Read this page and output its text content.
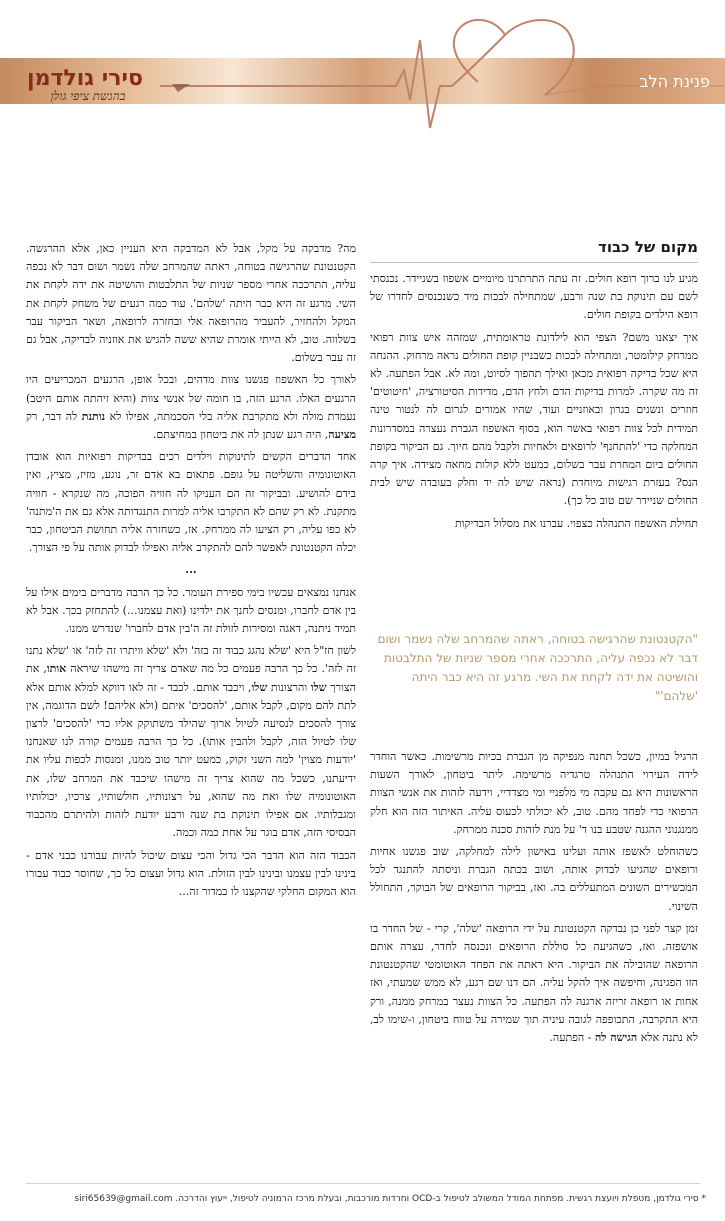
סירי גולדמן
בהגשת ציפי גולן
פנינת הלב
מקום של כבוד

מגיע לנו ברוך רופא חולים. זה עתה התרתרנו מיומיים אשפוז בשניידר. נכנסתי לשם עם תינוקת בת שנה ורבע, שמתחילה לבכות מיד כשנכנסים לחדרו של רופא הילדים בקופת חולים.

איך יצאנו משם? הצפי הוא לילדונת טראומתית, שמזהה איש צוות רפואי ממרחק קילומטר, ומתחילה לבכות כשבניין קופת החולים נראה מרחוק. ההנחה היא שכל בדיקה רפואית מכאן ואילך תהפוך לסיוט, ומה לא. אבל הפתעה. לא זה מה שקרה. למרות בדיקות הדם ולחץ הדם, מדידות הסיטורציה, 'חיטוטים' חוזרים ונשנים בגרון ובאוזניים ועוד, שהיו אמורים לגרום לה לנטור טינה תמידית לכל צוות רפואי באשר הוא, בסוף האשפוז הגברת נעצרה במסדרונות המחלקה כדי 'להתחנף' לרופאים ולאחיות ולקבל מהם חיוך. גם הביקור בקופת החולים ביום המחרת עבר בשלום, כמעט ללא קולות מחאה מצידה. איך קרה הנס? בעזרת רגישות מיוחדת (נראה שיש לה יד וחלק בעובדה שיש לבית החולים שניידר שם טוב כל כך).

תחילת האשפוז התנהלה כצפוי. עברנו את מסלול הבדיקות

"הקטנטונת שהרגישה בטוחה, ראתה שהמרחב שלה נשמר ושום דבר לא נכפה עליה, התרככה אחרי מספר שניות של התלבטות והושיטה את ידה לקחת את השי. מרגע זה היא כבר היתה 'שלהם'"

הרגיל במיון, כשכל תחנה מנפיקה מן הגברת בכיות מרשימות. כאשר הוחדר לידה העירוי התנהלה טרגדיה מרשימה. ליתר ביטחון, לאורך השעות הראשונות היא גם עקבה מי מלפניי ומי מצדדיי, וידעה לזהות את אנשי הצוות הרפואי כדי לפחד מהם. טוב, לא יכולתי לכעוס עליה. האיתור הזה הוא חלק ממנגנוני ההגנה שטבע בנו ד' על מנת לזהות סכנה ממרחק.

כשהוחלט לאשפז אותה ועלינו באישון לילה למחלקה, שוב פגשנו אחיות ורופאים שהגיעו לבדוק אותה, ושוב בכתה הגברת וניסתה להתנגד לכל המכשירים השונים המתעללים בה. ואז, בביקור הרופאים של הבוקר, התחולל השינוי.

זמן קצר לפני כן נבדקה הקטנטונת על ידי הרופאה 'שלה', קרי - של החדר בו אושפזה. ואז, כשהגיעה כל סוללת הרופאים ונכנסה לחדר, עצרה אותם הרופאה שהובילה את הביקור. היא ראתה את הפחד האוטומטי שהקטנטונת הזו הפגינה, וחיפשה איך להקל עליה. הם דנו שם רגע, לא ממש שמעתי, ואז אחות או רופאה זריזה ארגנה לה הפתעה. כל הצוות נעצר במרחק ממנה, ורק היא התקרבה, התכופפה לגובה עיניה תוך שמירה על טווח ביטחון, ו-שימו לב, לא נתנה אלא הגישה לה - הפתעה.

מה? מדבקה על מקל, אבל לא המדבקה היא העניין כאן, אלא ההרגשה. הקטנטונת שהרגישה בטוחה, ראתה שהמרחב שלה נשמר ושום דבר לא נכפה עליה, התרככה אחרי מספר שניות של התלבטות והושיטה את ידה לקחת את השי. מרגע זה היא כבר היתה 'שלהם'. עוד כמה רגעים של משחק לקחת את המקל ולהחזיר, להעביר מהרופאה אלי ובחזרה לרופאה, ושאר הביקור עבר בשלווה. טוב, לא הייתי אומרת שהיא ששה להגיש את אוזניה לבדיקה, אבל גם זה עבר בשלום.

לאורך כל האשפוז פגשנו צוות מדהים, ובכל אופן, הרגעים המכריעים היו הרגעים האלו. הרגע הזה, בו חומה של אנשי צוות (והיא זיהתה אותם היטב) נעמדת מולה ולא מתקרבת אליה בלי הסכמתה, אפילו לא נותנת לה דבר, רק מציעה, היה רגע שנתן לה את ביטחון במחיצתם.

אחד הדברים הקשים לתינוקות וילדים רכים בבדיקות רפואיות הוא אובדן האוטונומיה והשליטה על גופם. פתאום בא אדם זר, נוגע, מזיז, מציץ, ואין בידם להושיע. ובביקור זה הם העניקו לה חוויה הפוכה, מה שנקרא - חוויה מתקנת. לא רק שהם לא התקרבו אליה למרות התנגדותה אלא גם את ה'מתנה' לא כפו עליה, רק הציעו לה ממרחק. אז, כשחזרה אליה תחושת הביטחון, כבר יכלה הקטנטונת לאפשר להם להתקרב אליה ואפילו לבדוק אותה על פי הצורך.

...

אנחנו נמצאים עכשיו בימי ספירת העומר. כל כך הרבה מדברים בימים אילו על בין אדם לחברו, ומנסים לחנך את ילדינו (ואת עצמנו...) להתחזק בכך. אבל לא תמיד ניתנה, דאגה ומסירות לזולת זה ה'בין אדם לחברו' שנדרש ממנו.

לשון חז"ל היא 'שלא נהגג כבוד זה בזה' ולא 'שלא וויתרו זה לזה' או 'שלא נתנו זה לזה'. כל כך הרבה פעמים כל מה שאדם צריך זה מישהו שיראה אותו, את הצורך שלו והרצונות שלו, ויכבד אותם. לכבד - זה לאו דווקא למלא אותם אלא לתת להם מקום, לקבל אותם, 'להסכים' איתם (ולא אליהם! לשם הדוגמה, אין צורך להסכים לנסיעה לטיול ארוך שהילד משתוקק אליו כדי 'להסכים' לרצון שלו לטיול הזה, לקבל ולהבין אותו). כל כך הרבה פעמים קורה לנו שאנחנו 'יודעות מצוין' למה השני זקוק, כמעט יותר טוב ממנו, ומנסות לכפות עליו את ידיעתנו, כשכל מה שהוא צריך זה מישהו שיכבד את המרחב שלו, את האוטונומיה שלו ואת מה שהוא, על רצונותיו, חולשותיו, צרכיו, יכולותיו ומגבלותיו. אם אפילו תינוקת בת שנה ורבע יודעת לזהות ולהיתרם מהכבוד הבסיסי הזה, אדם בוגר על אחת כמה וכמה.

הכבוד הזה הוא הדבר הכי גדול והכי עצום שיכול להיות עבורנו כבני אדם - בינינו לבין עצמנו ובינינו לבין הזולת. הוא גדול ועצום כל כך, שחוסר כבוד עבורו הוא המקום החלקי שהקצנו לו במדור זה...

* סירי גולדמן, מטפלת ויועצת רגשית. מפתחת המודל המשולב לטיפול ב-OCD וחרדות מורכבות, ובעלת מרכז הרמוניה לטיפול, ייעוץ והדרכה. siri65639@gmail.com
